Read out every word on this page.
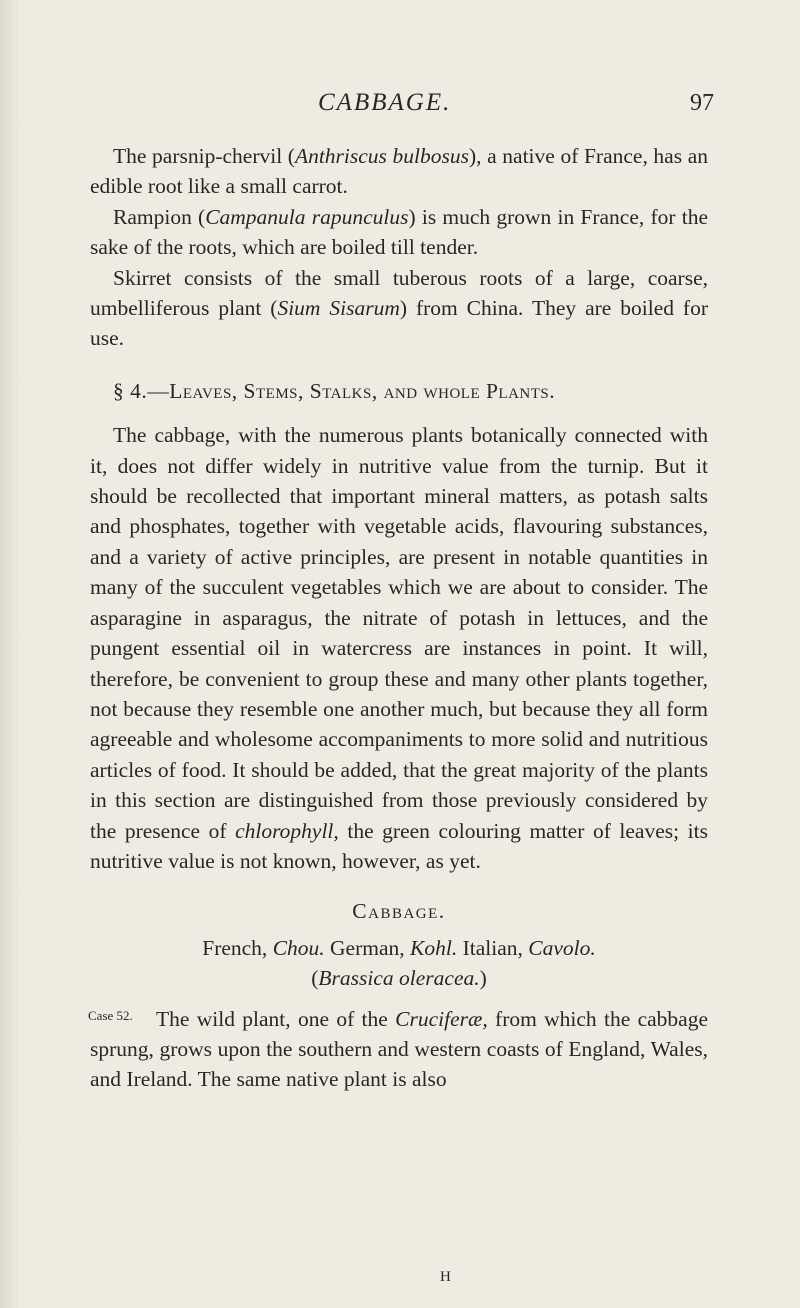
CABBAGE.	97

The parsnip-chervil (Anthriscus bulbosus), a native of France, has an edible root like a small carrot.

Rampion (Campanula rapunculus) is much grown in France, for the sake of the roots, which are boiled till tender.

Skirret consists of the small tuberous roots of a large, coarse, umbelliferous plant (Sium Sisarum) from China. They are boiled for use.

§ 4.—Leaves, Stems, Stalks, and whole Plants.

The cabbage, with the numerous plants botanically connected with it, does not differ widely in nutritive value from the turnip. But it should be recollected that important mineral matters, as potash salts and phosphates, together with vegetable acids, flavouring substances, and a variety of active principles, are present in notable quantities in many of the succulent vegetables which we are about to consider. The asparagine in asparagus, the nitrate of potash in lettuces, and the pungent essential oil in watercress are instances in point. It will, therefore, be convenient to group these and many other plants together, not because they resemble one another much, but because they all form agreeable and wholesome accompaniments to more solid and nutritious articles of food. It should be added, that the great majority of the plants in this section are distinguished from those previously considered by the presence of chlorophyll, the green colouring matter of leaves; its nutritive value is not known, however, as yet.

Cabbage.
French, Chou. German, Kohl. Italian, Cavolo.
(Brassica oleracea.)
Case 52.	The wild plant, one of the Cruciferæ, from which the cabbage sprung, grows upon the southern and western coasts of England, Wales, and Ireland. The same native plant is also

H
